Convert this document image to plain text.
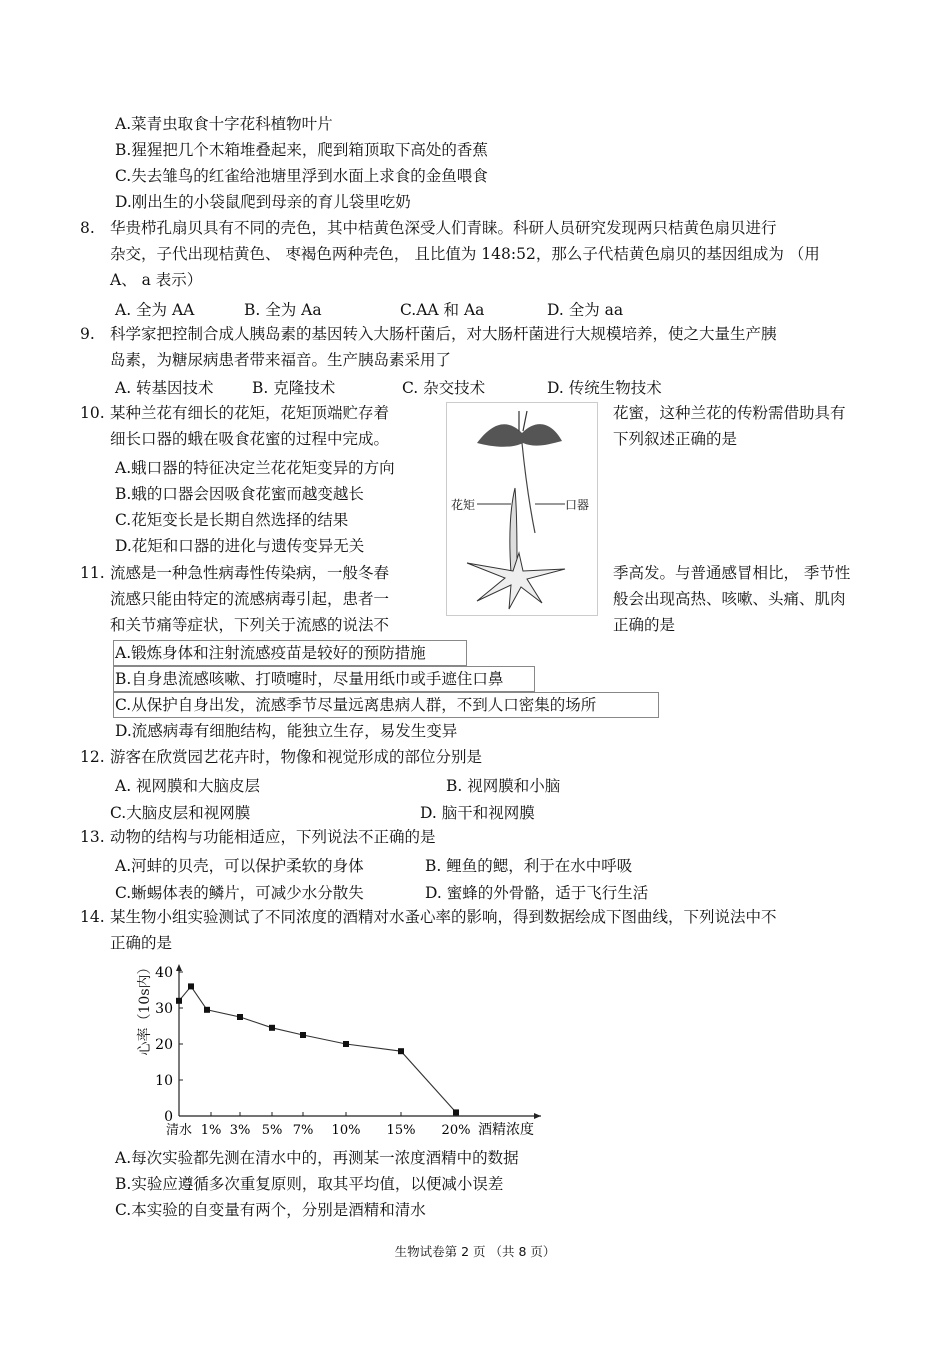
A.菜青虫取食十字花科植物叶片
B.猩猩把几个木箱堆叠起来，爬到箱顶取下高处的香蕉
C.失去雏鸟的红雀给池塘里浮到水面上求食的金鱼喂食
D.刚出生的小袋鼠爬到母亲的育儿袋里吃奶
8. 华贵栉孔扇贝具有不同的壳色，其中桔黄色深受人们青睐。科研人员研究发现两只桔黄色扇贝进行
杂交，子代出现桔黄色、 枣褐色两种壳色， 且比值为 148:52，那么子代桔黄色扇贝的基因组成为 （用
A、 a 表示）
A. 全为 AA	B. 全为 Aa	C.AA 和 Aa	D. 全为 aa
9. 科学家把控制合成人胰岛素的基因转入大肠杆菌后，对大肠杆菌进行大规模培养，使之大量生产胰
岛素，为糖尿病患者带来福音。生产胰岛素采用了
A. 转基因技术 B. 克隆技术	C. 杂交技术	D. 传统生物技术
10. 某种兰花有细长的花矩，花矩顶端贮存着	花蜜，这种兰花的传粉需借助具有
细长口器的蛾在吸食花蜜的过程中完成。	下列叙述正确的是
A.蛾口器的特征决定兰花花矩变异的方向
B.蛾的口器会因吸食花蜜而越变越长
C.花矩变长是长期自然选择的结果
D.花矩和口器的进化与遗传变异无关
花矩	口器
11. 流感是一种急性病毒性传染病，一般冬春	季高发。与普通感冒相比， 季节性
流感只能由特定的流感病毒引起，患者一	般会出现高热、咳嗽、头痛、肌肉
和关节痛等症状，下列关于流感的说法不	正确的是
A.锻炼身体和注射流感疫苗是较好的预防措施
B.自身患流感咳嗽、打喷嚏时，尽量用纸巾或手遮住口鼻
C.从保护自身出发，流感季节尽量远离患病人群，不到人口密集的场所
D.流感病毒有细胞结构，能独立生存，易发生变异
12. 游客在欣赏园艺花卉时，物像和视觉形成的部位分别是
A. 视网膜和大脑皮层	B. 视网膜和小脑
C.大脑皮层和视网膜	D. 脑干和视网膜
13. 动物的结构与功能相适应，下列说法不正确的是
A.河蚌的贝壳，可以保护柔软的身体	B. 鲤鱼的鳃，利于在水中呼吸
C.蜥蜴体表的鳞片，可减少水分散失	D. 蜜蜂的外骨骼，适于飞行生活
14. 某生物小组实验测试了不同浓度的酒精对水蚤心率的影响，得到数据绘成下图曲线，下列说法中不
正确的是
0
10
20
30
40
清水 1% 3% 5% 7% 10% 15% 20% 酒精浓度
心率（10s内）
A.每次实验都先测在清水中的，再测某一浓度酒精中的数据
B.实验应遵循多次重复原则，取其平均值，以便减小误差
C.本实验的自变量有两个，分别是酒精和清水
生物试卷第 2 页 （共 8 页）
